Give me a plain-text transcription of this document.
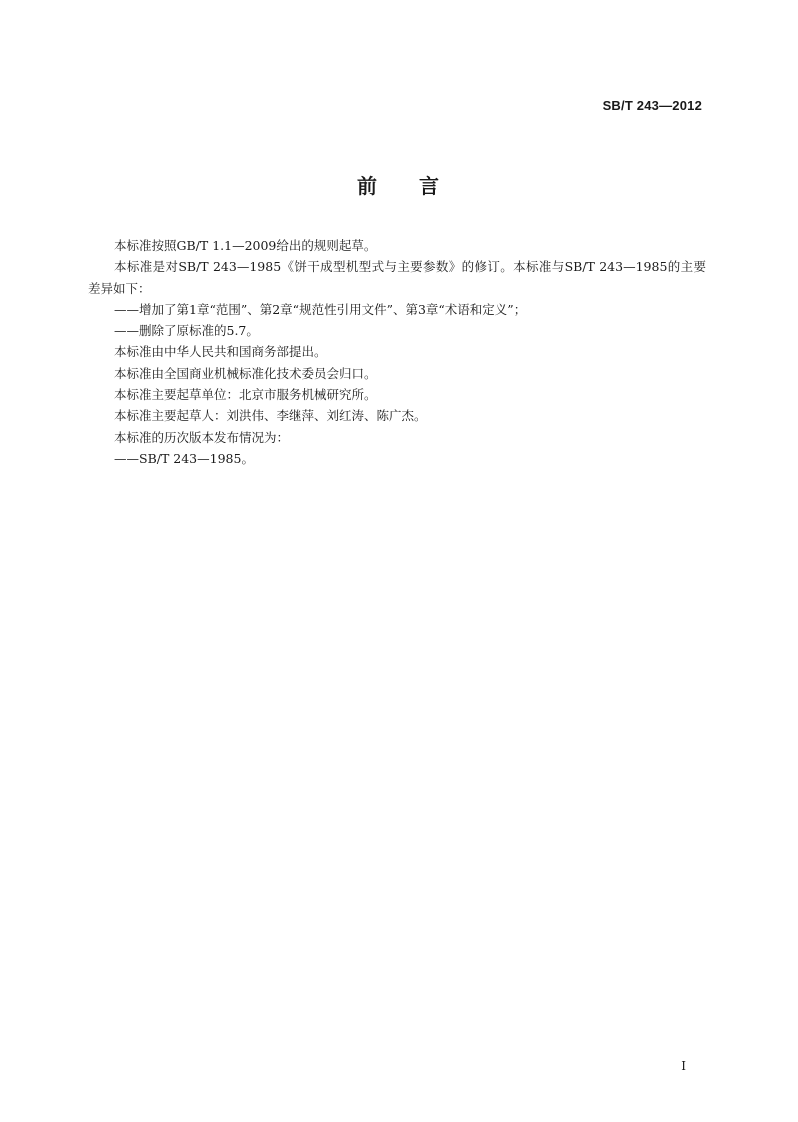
SB/T 243—2012
前 言

本标准按照GB/T 1.1—2009给出的规则起草。

本标准是对SB/T 243—1985《饼干成型机型式与主要参数》的修订。本标准与SB/T 243—1985的主要差异如下：

——增加了第1章“范围”、第2章“规范性引用文件”、第3章“术语和定义”；

——删除了原标准的5.7。

本标准由中华人民共和国商务部提出。

本标准由全国商业机械标准化技术委员会归口。

本标准主要起草单位：北京市服务机械研究所。

本标准主要起草人：刘洪伟、李继萍、刘红涛、陈广杰。

本标准的历次版本发布情况为：

——SB/T 243—1985。

I
